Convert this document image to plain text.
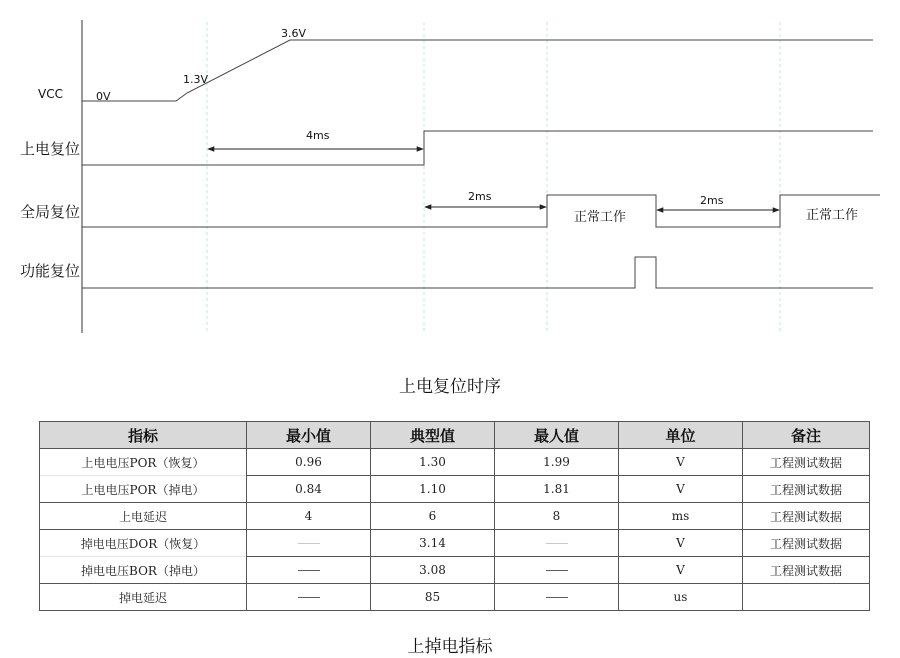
VCC
上电复位
全局复位
功能复位
0V
1.3V
3.6V
4ms
2ms	2ms
正常工作	正常工作
上电复位时序
指标	最小值	典型值	最人值	单位	备注
上电电压POR（恢复）	0.96	1.30	1.99	V	工程测试数据
上电电压POR（掉电）	0.84	1.10	1.81	V	工程测试数据
上电延迟	4	6	8	ms	工程测试数据
掉电电压DOR（恢复）	——	3.14	——	V	工程测试数据
掉电电压BOR（掉电）	——	3.08	——	V	工程测试数据
掉电延迟	——	85	——	us	
上掉电指标
